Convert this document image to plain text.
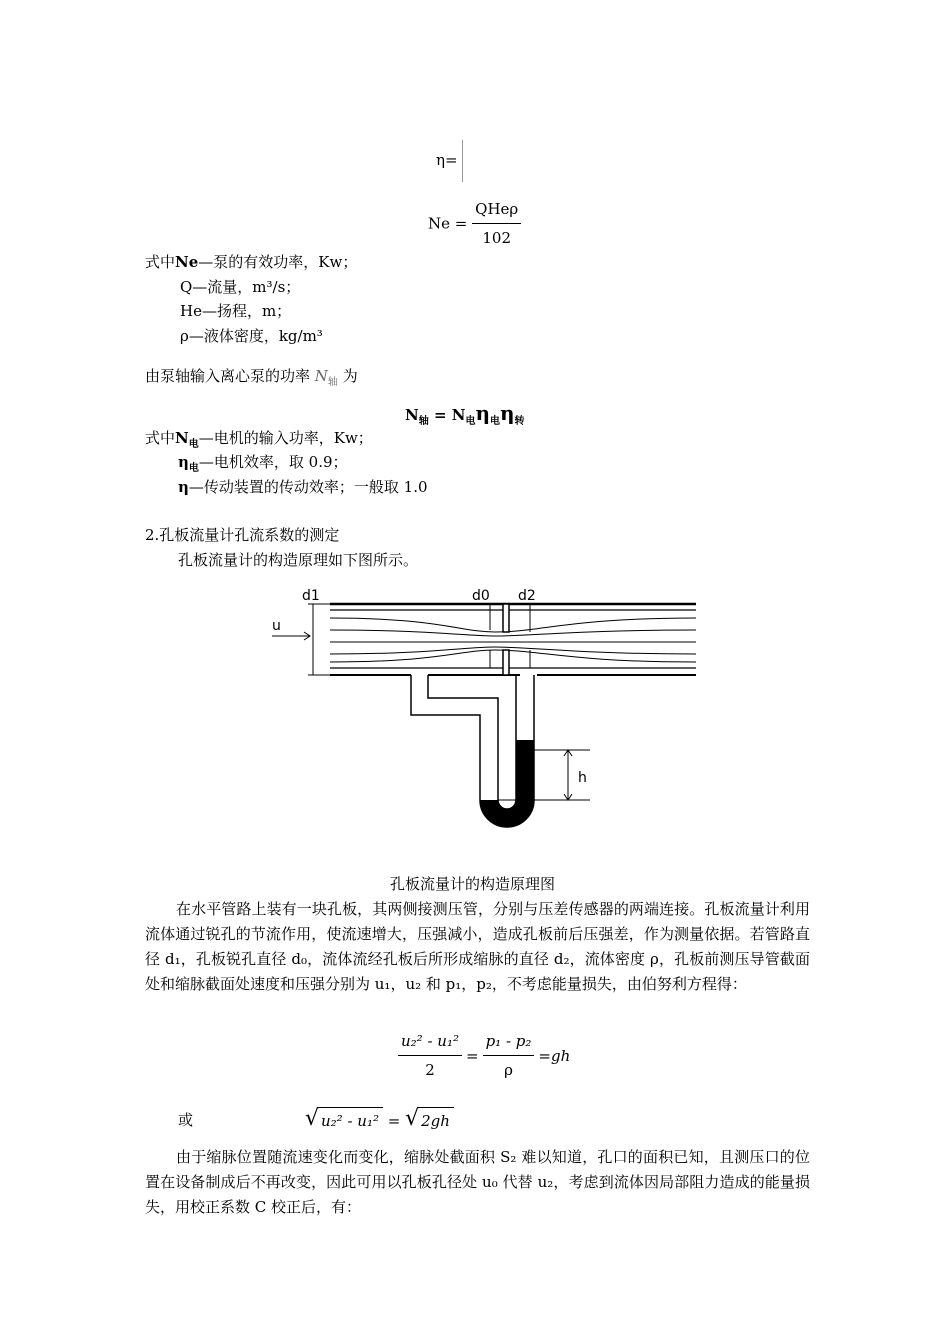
η=
$Ne = \frac{\text{QHeρ}}{102}$
式中Ne—泵的有效功率，Kw；
Q—流量，m³/s；
He—扬程，m；
ρ—液体密度，kg/m³
由泵轴输入离心泵的功率 $N_轴$ 为
$N_轴 = N_电\eta_电\eta_转$
式中$N_电—$电机的输入功率，Kw；
$\eta_电—$电机效率，取 0.9；
η—传动装置的传动效率；一般取 1.0
2.孔板流量计孔流系数的测定
孔板流量计的构造原理如下图所示。
d1	d0 d2
u
h
孔板流量计的构造原理图
在水平管路上装有一块孔板，其两侧接测压管，分别与压差传感器的两端连接。孔板流量计利用流体通过锐孔的节流作用，使流速增大，压强减小，造成孔板前后压强差，作为测量依据。若管路直径 d₁，孔板锐孔直径 d₀，流体流经孔板后所形成缩脉的直径 d₂，流体密度 ρ，孔板前测压导管截面处和缩脉截面处速度和压强分别为 u₁，u₂ 和 p₁，p₂，不考虑能量损失，由伯努利方程得：
$\frac{\text{u₂² - u₁²}}{2} = \frac{\text{p₁ - p₂}}{\rho} =gh$
或	√ u₂² - u₁² = √ 2gh
由于缩脉位置随流速变化而变化，缩脉处截面积 S₂ 难以知道，孔口的面积已知，且测压口的位置在设备制成后不再改变，因此可用以孔板孔径处 u₀ 代替 u₂，考虑到流体因局部阻力造成的能量损失，用校正系数 C 校正后，有：
